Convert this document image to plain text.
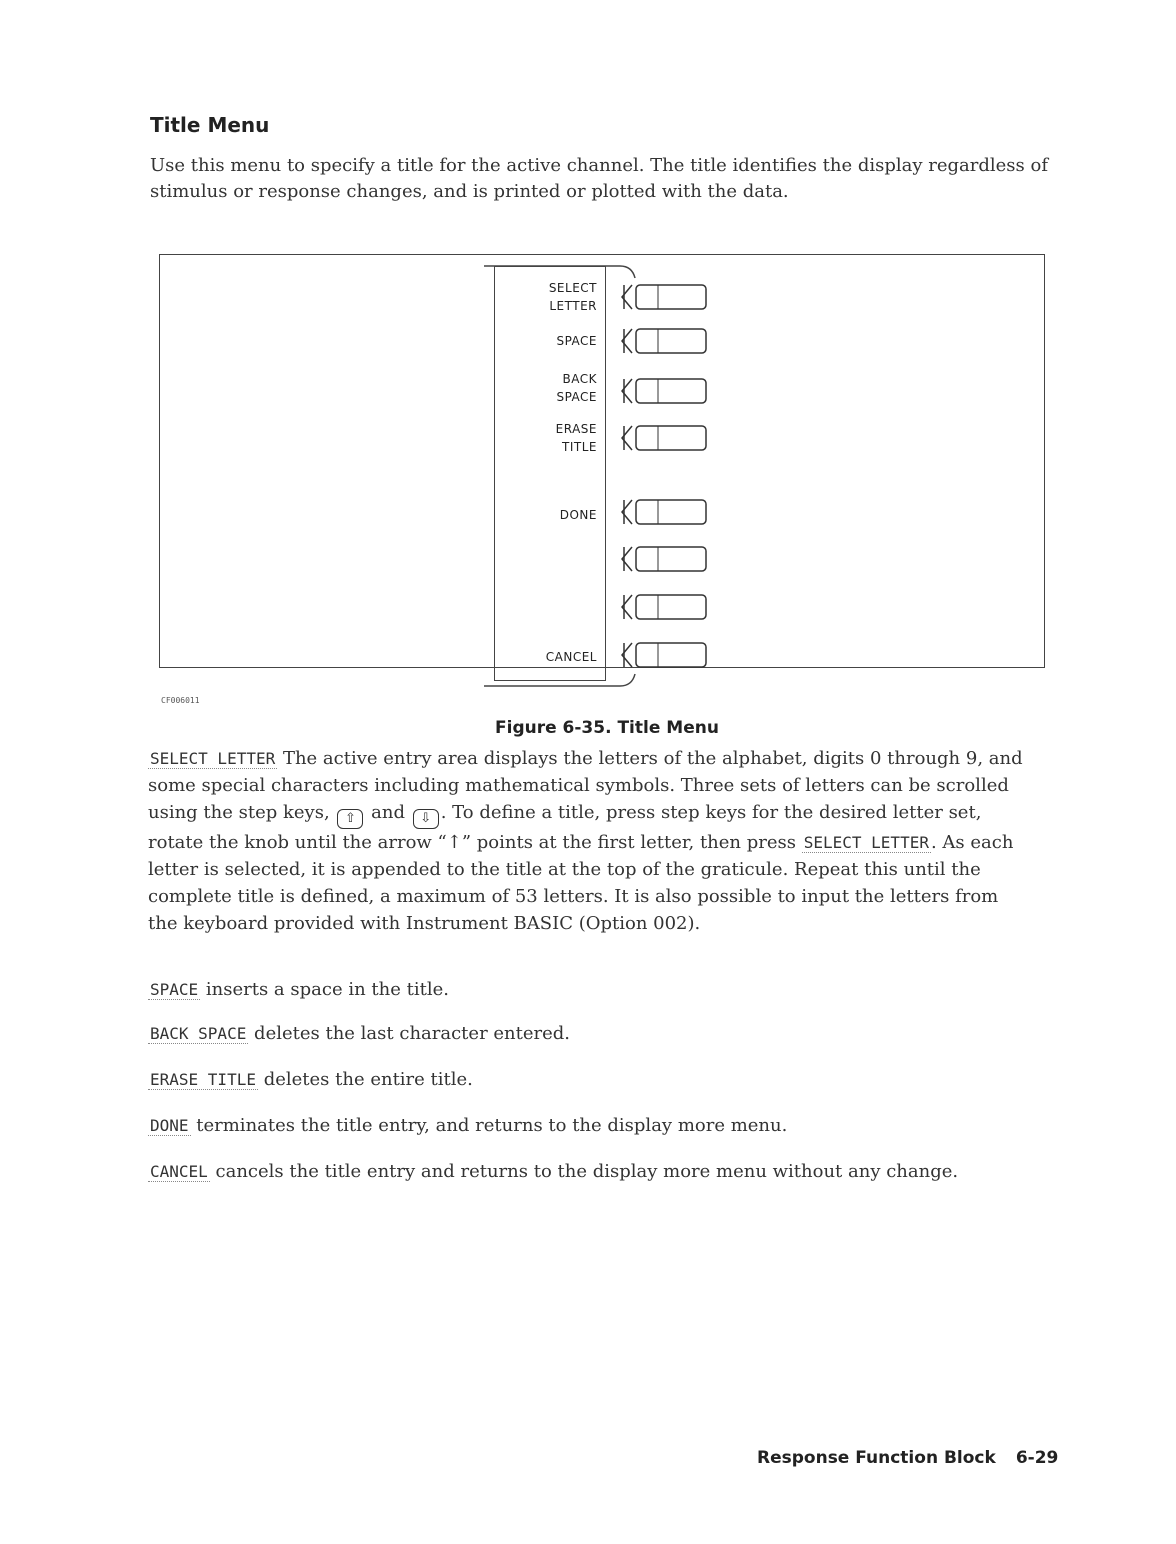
Title Menu

Use this menu to specify a title for the active channel. The title identifies the display regardless of stimulus or response changes, and is printed or plotted with the data.

SELECT
LETTER
SPACE
BACK
SPACE
ERASE
TITLE
DONE
CANCEL
CF006011
Figure 6-35. Title Menu

SELECT LETTER The active entry area displays the letters of the alphabet, digits 0 through 9, and some special characters including mathematical symbols. Three sets of letters can be scrolled using the step keys, ⇧ and ⇩ . To define a title, press step keys for the desired letter set, rotate the knob until the arrow “↑” points at the first letter, then press SELECT LETTER . As each letter is selected, it is appended to the title at the top of the graticule. Repeat this until the complete title is defined, a maximum of 53 letters. It is also possible to input the letters from the keyboard provided with Instrument BASIC (Option 002).

SPACE inserts a space in the title.

BACK SPACE deletes the last character entered.

ERASE TITLE deletes the entire title.

DONE terminates the title entry, and returns to the display more menu.

CANCEL cancels the title entry and returns to the display more menu without any change.

Response Function Block 6-29
